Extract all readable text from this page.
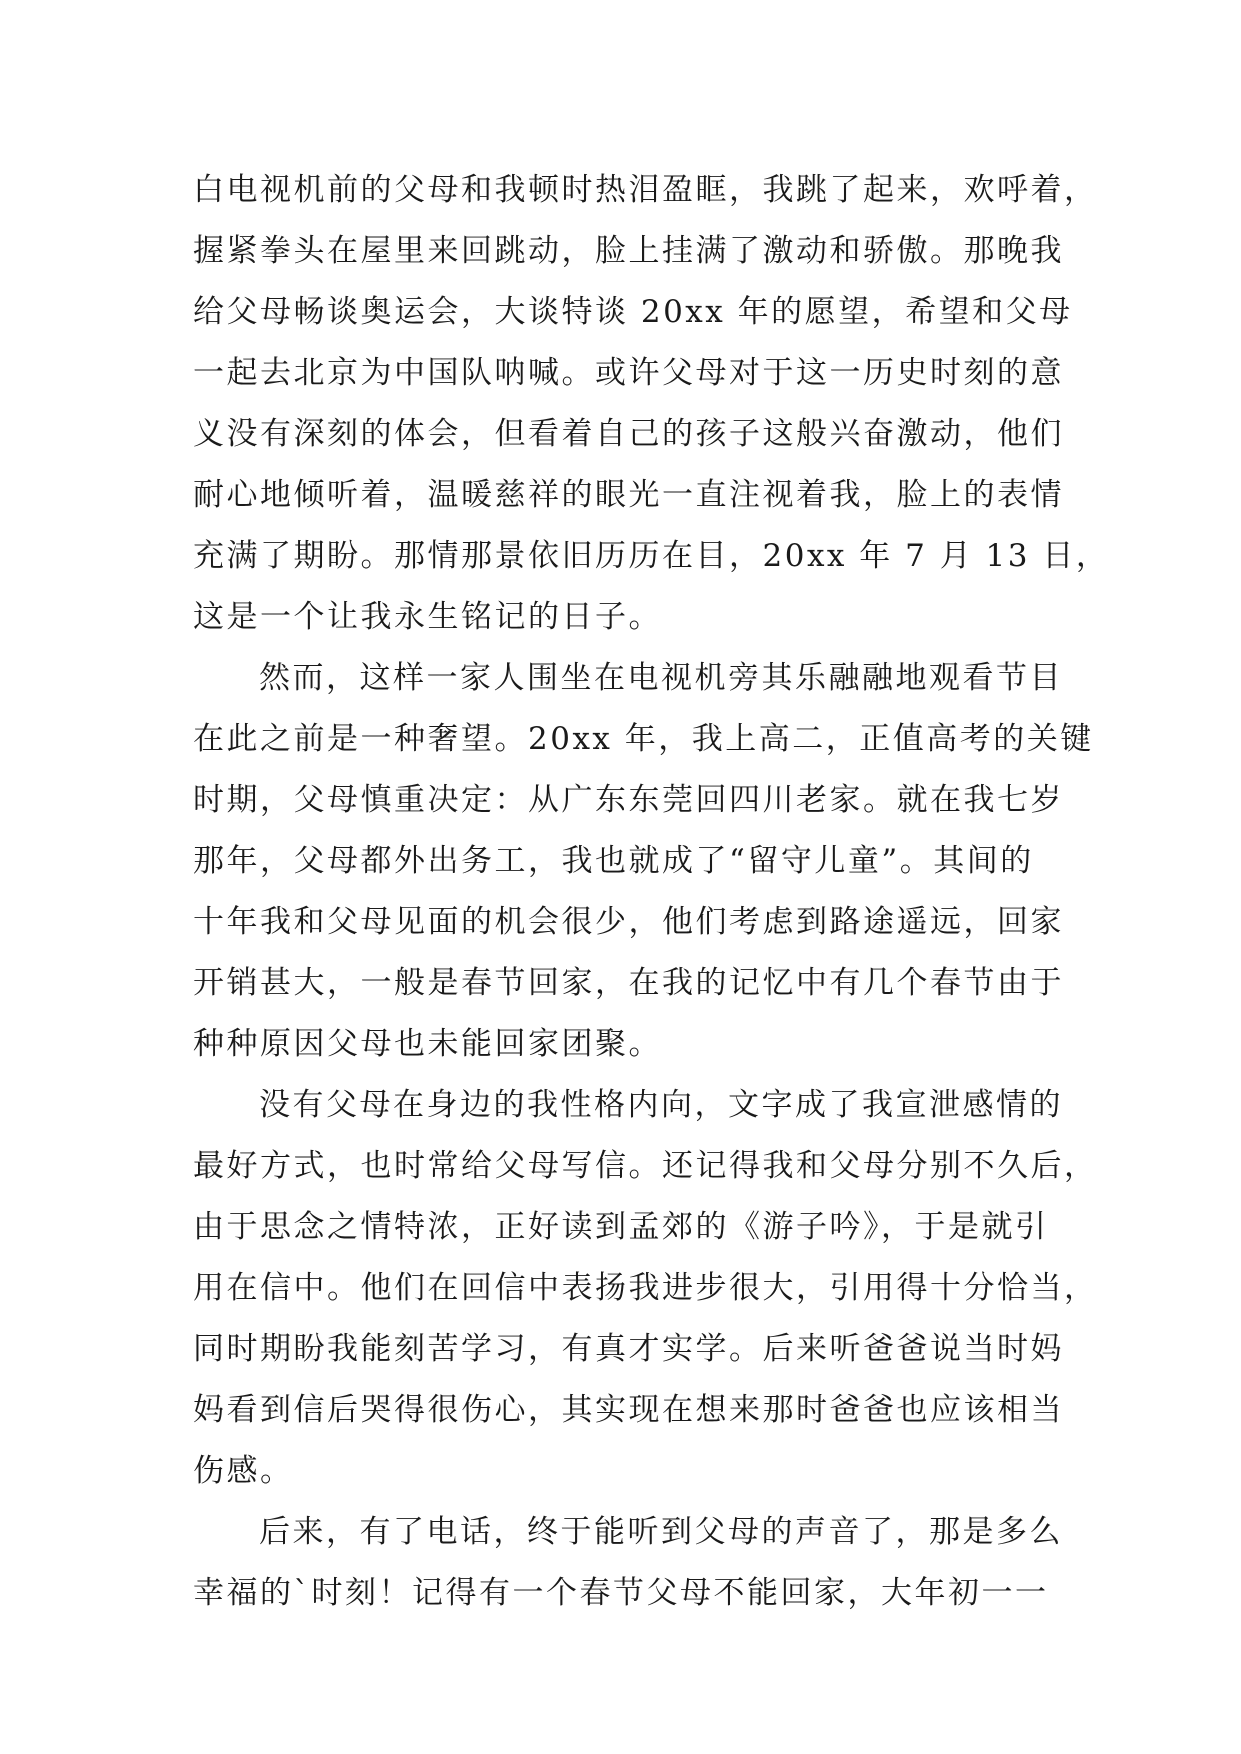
白电视机前的父母和我顿时热泪盈眶，我跳了起来，欢呼着，
握紧拳头在屋里来回跳动，脸上挂满了激动和骄傲。那晚我
给父母畅谈奥运会，大谈特谈 20xx 年的愿望，希望和父母
一起去北京为中国队呐喊。或许父母对于这一历史时刻的意
义没有深刻的体会，但看着自己的孩子这般兴奋激动，他们
耐心地倾听着，温暖慈祥的眼光一直注视着我，脸上的表情
充满了期盼。那情那景依旧历历在目，20xx 年 7 月 13 日，
这是一个让我永生铭记的日子。
然而，这样一家人围坐在电视机旁其乐融融地观看节目
在此之前是一种奢望。20xx 年，我上高二，正值高考的关键
时期，父母慎重决定：从广东东莞回四川老家。就在我七岁
那年，父母都外出务工，我也就成了“留守儿童”。其间的
十年我和父母见面的机会很少，他们考虑到路途遥远，回家
开销甚大，一般是春节回家，在我的记忆中有几个春节由于
种种原因父母也未能回家团聚。
没有父母在身边的我性格内向，文字成了我宣泄感情的
最好方式，也时常给父母写信。还记得我和父母分别不久后，
由于思念之情特浓，正好读到孟郊的《游子吟》，于是就引
用在信中。他们在回信中表扬我进步很大，引用得十分恰当，
同时期盼我能刻苦学习，有真才实学。后来听爸爸说当时妈
妈看到信后哭得很伤心，其实现在想来那时爸爸也应该相当
伤感。
后来，有了电话，终于能听到父母的声音了，那是多么
幸福的`时刻！记得有一个春节父母不能回家，大年初一一
